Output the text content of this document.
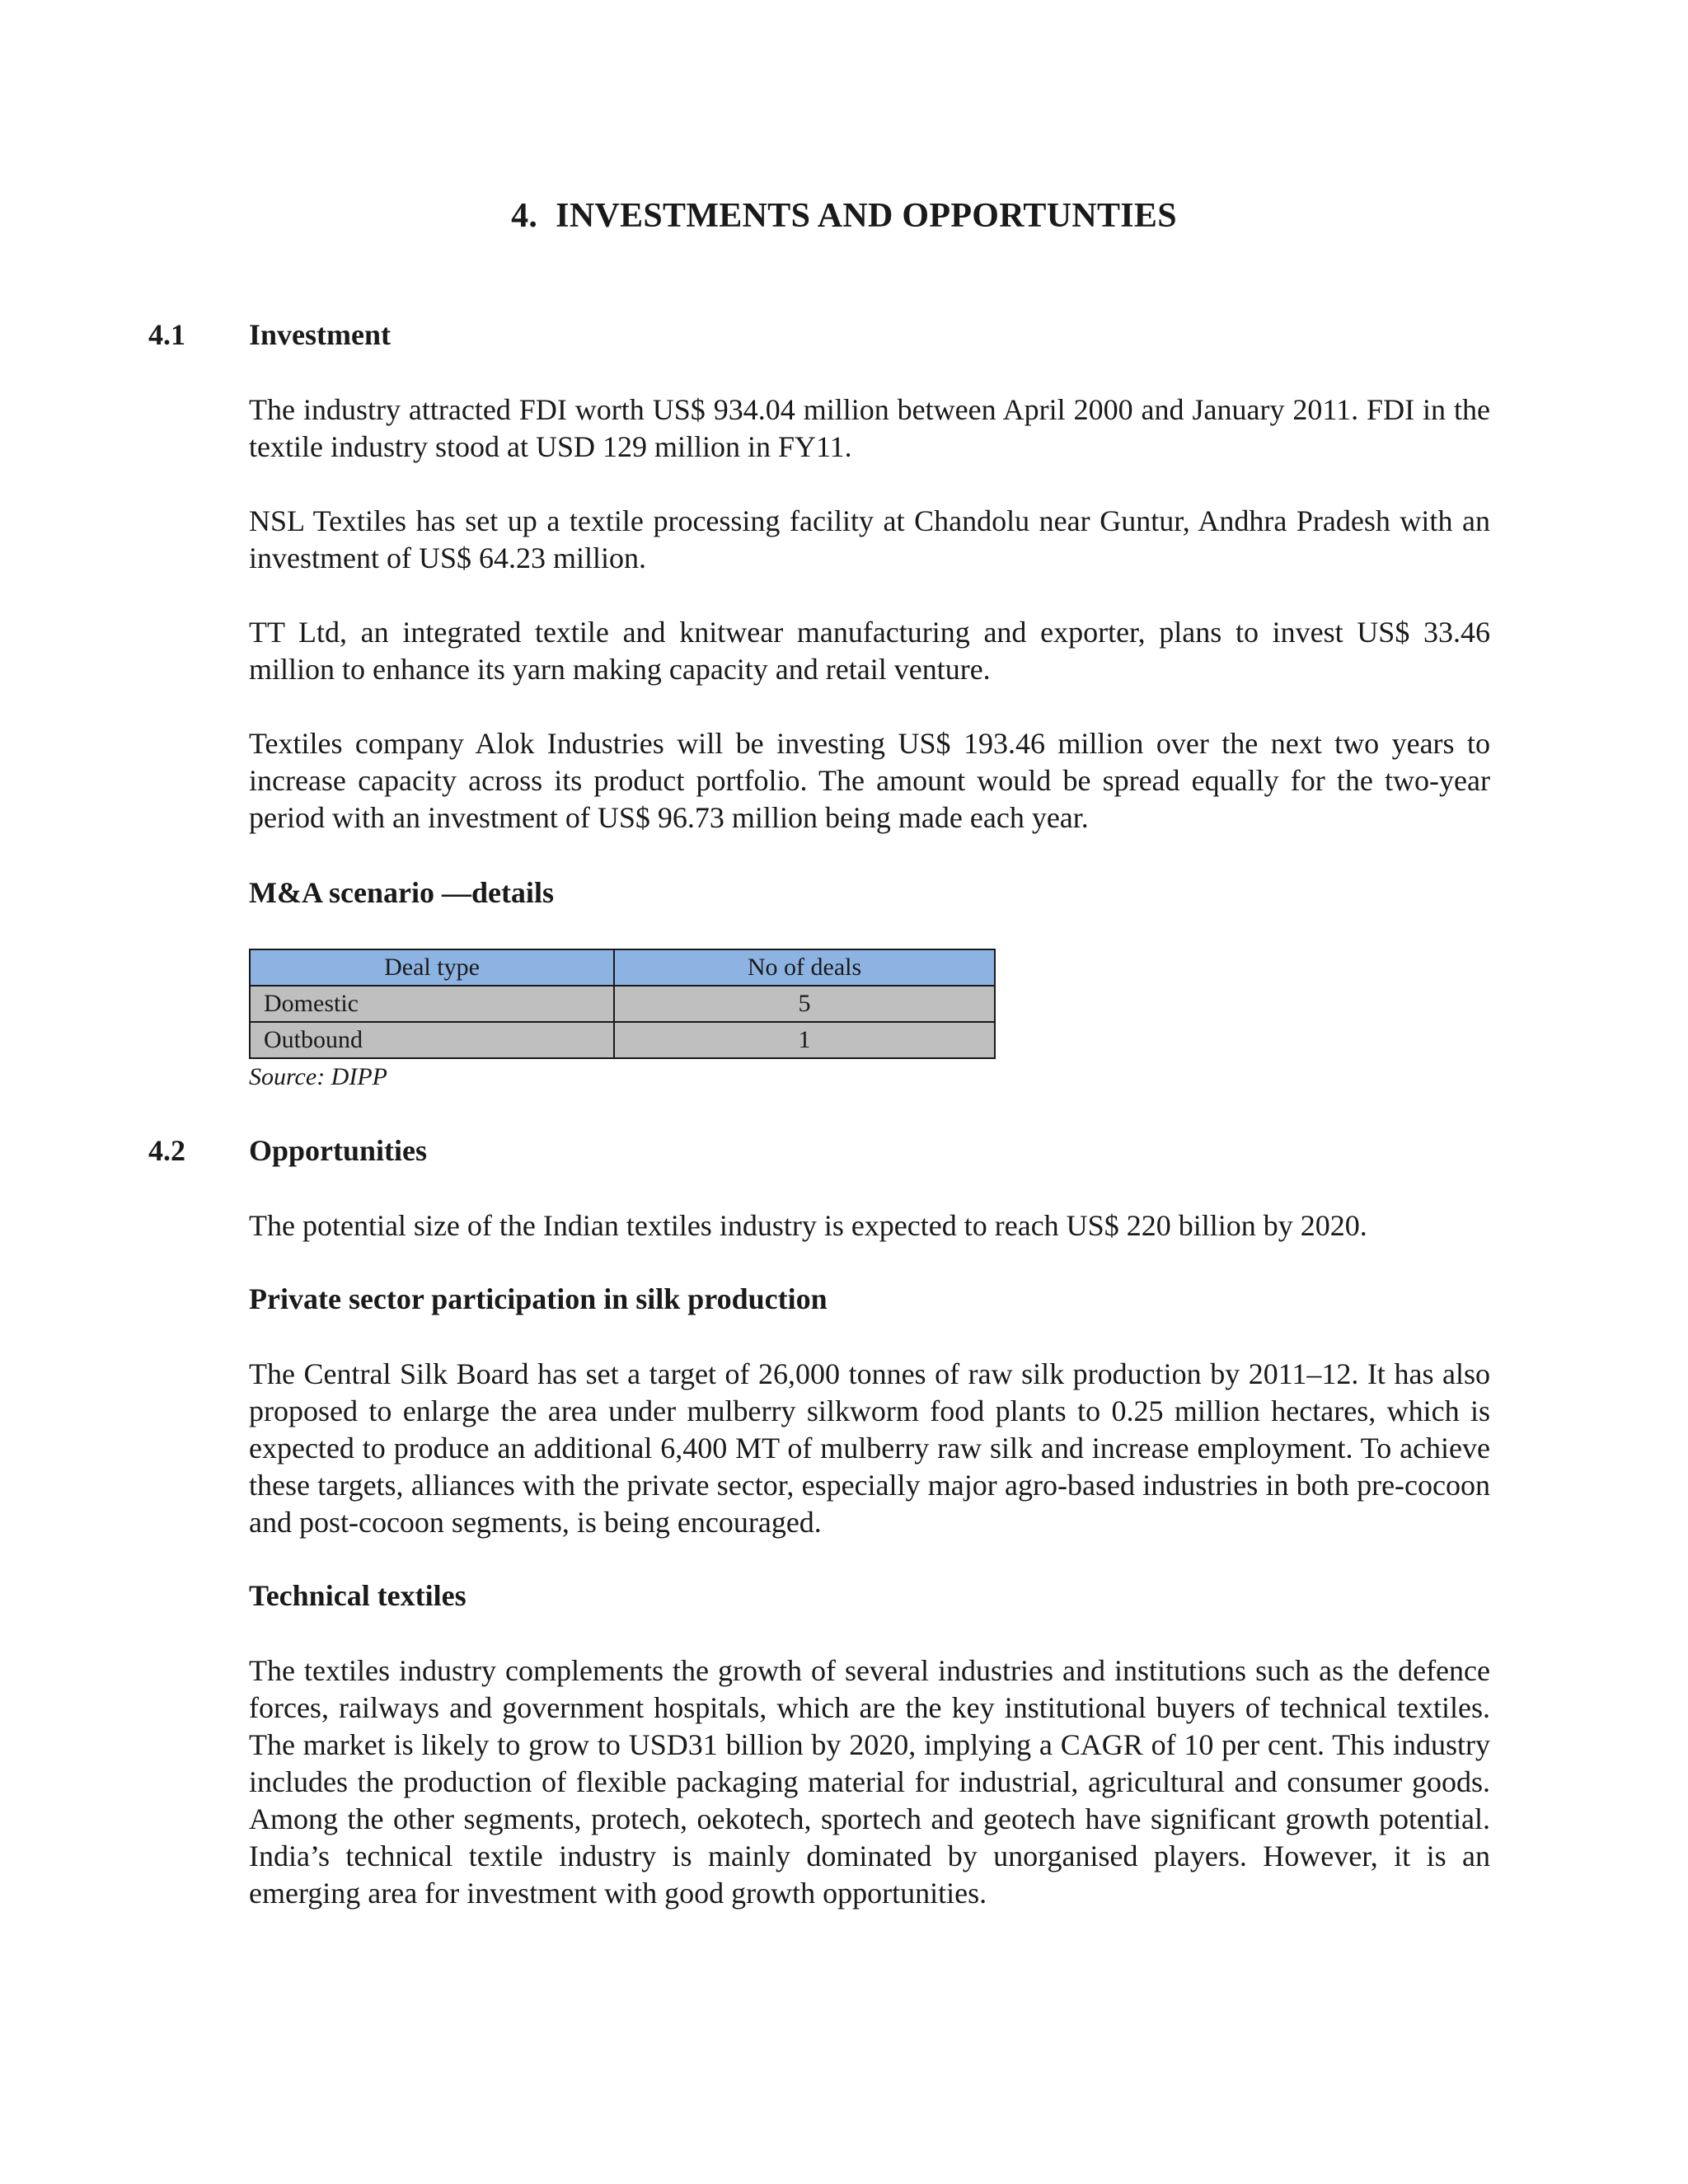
4. INVESTMENTS AND OPPORTUNTIES
4.1 Investment

The industry attracted FDI worth US$ 934.04 million between April 2000 and January 2011. FDI in the textile industry stood at USD 129 million in FY11.

NSL Textiles has set up a textile processing facility at Chandolu near Guntur, Andhra Pradesh with an investment of US$ 64.23 million.

TT Ltd, an integrated textile and knitwear manufacturing and exporter, plans to invest US$ 33.46 million to enhance its yarn making capacity and retail venture.

Textiles company Alok Industries will be investing US$ 193.46 million over the next two years to increase capacity across its product portfolio. The amount would be spread equally for the two-year period with an investment of US$ 96.73 million being made each year.

M&A scenario —details
Deal type	No of deals
Domestic	5
Outbound	1
Source: DIPP
4.2 Opportunities

The potential size of the Indian textiles industry is expected to reach US$ 220 billion by 2020.

Private sector participation in silk production

The Central Silk Board has set a target of 26,000 tonnes of raw silk production by 2011–12. It has also proposed to enlarge the area under mulberry silkworm food plants to 0.25 million hectares, which is expected to produce an additional 6,400 MT of mulberry raw silk and increase employment. To achieve these targets, alliances with the private sector, especially major agro-based industries in both pre-cocoon and post-cocoon segments, is being encouraged.

Technical textiles

The textiles industry complements the growth of several industries and institutions such as the defence forces, railways and government hospitals, which are the key institutional buyers of technical textiles. The market is likely to grow to USD31 billion by 2020, implying a CAGR of 10 per cent. This industry includes the production of flexible packaging material for industrial, agricultural and consumer goods. Among the other segments, protech, oekotech, sportech and geotech have significant growth potential. India’s technical textile industry is mainly dominated by unorganised players. However, it is an emerging area for investment with good growth opportunities.
